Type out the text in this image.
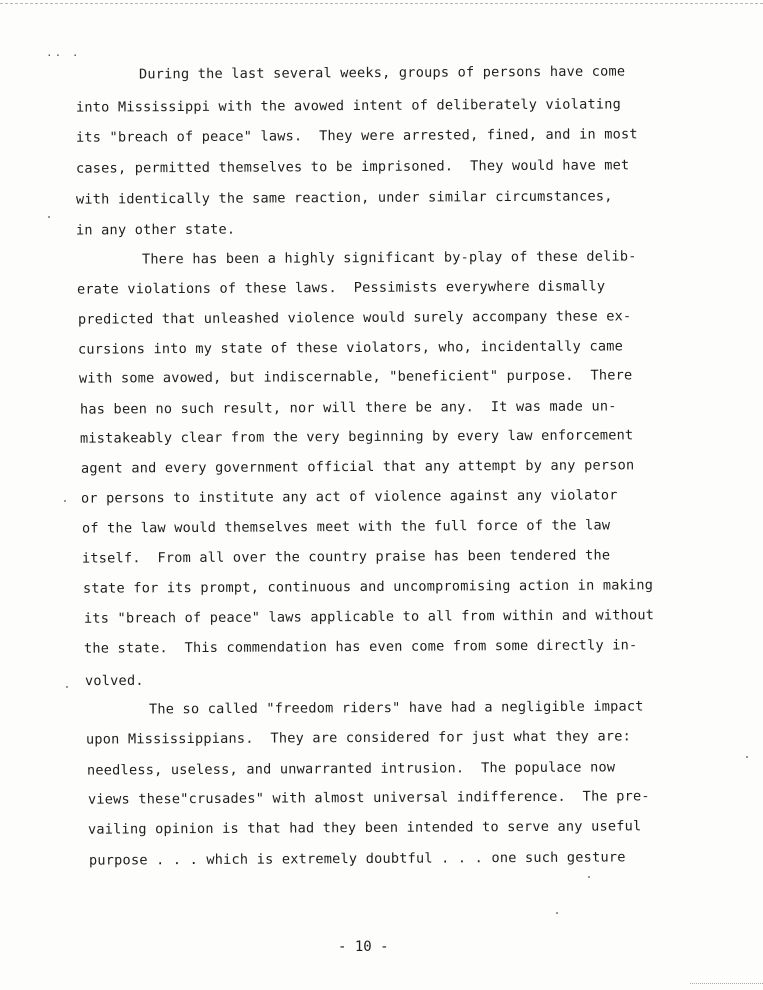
.. .
During the last several weeks, groups of persons have come
into Mississippi with the avowed intent of deliberately violating
its "breach of peace" laws.  They were arrested, fined, and in most
cases, permitted themselves to be imprisoned.  They would have met
with identically the same reaction, under similar circumstances,
in any other state.
There has been a highly significant by-play of these delib-
erate violations of these laws.  Pessimists everywhere dismally
predicted that unleashed violence would surely accompany these ex-
cursions into my state of these violators, who, incidentally came
with some avowed, but indiscernable, "beneficient" purpose.  There
has been no such result, nor will there be any.  It was made un-
mistakeably clear from the very beginning by every law enforcement
agent and every government official that any attempt by any person
or persons to institute any act of violence against any violator
of the law would themselves meet with the full force of the law
itself.  From all over the country praise has been tendered the
state for its prompt, continuous and uncompromising action in making
its "breach of peace" laws applicable to all from within and without
the state.  This commendation has even come from some directly in-
volved.
The so called "freedom riders" have had a negligible impact
upon Mississippians.  They are considered for just what they are:
needless, useless, and unwarranted intrusion.  The populace now
views these"crusades" with almost universal indifference.  The pre-
vailing opinion is that had they been intended to serve any useful
purpose . . . which is extremely doubtful . . . one such gesture
- 10 -
